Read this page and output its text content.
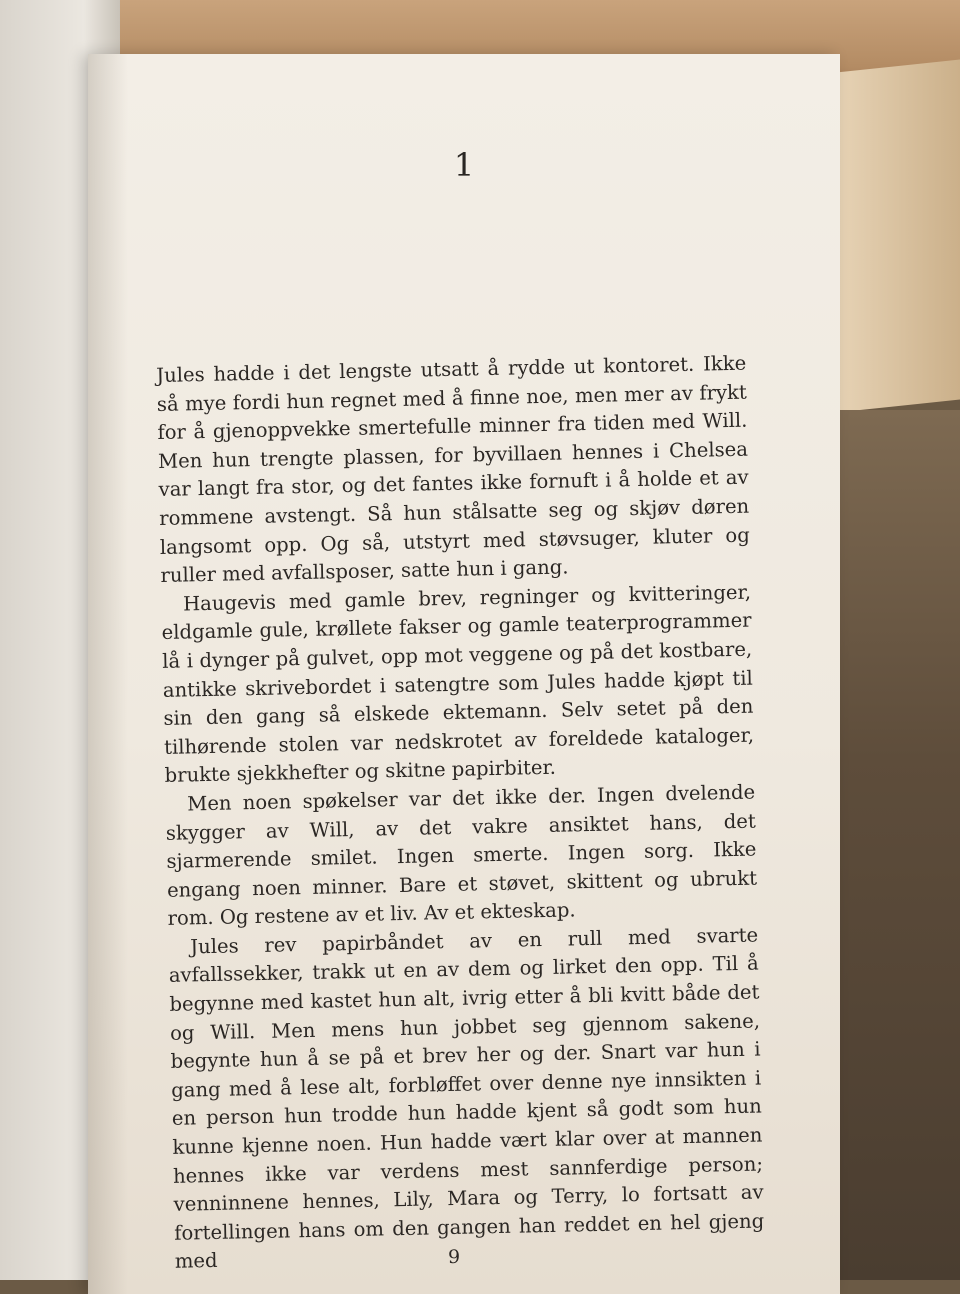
1

Jules hadde i det lengste utsatt å rydde ut kontoret. Ikke så mye fordi hun regnet med å finne noe, men mer av frykt for å gjenoppvekke smertefulle minner fra tiden med Will. Men hun trengte plassen, for byvillaen hennes i Chelsea var langt fra stor, og det fantes ikke fornuft i å holde et av rommene avstengt. Så hun stålsatte seg og skjøv døren langsomt opp. Og så, utstyrt med støvsuger, kluter og ruller med avfallsposer, satte hun i gang.

Haugevis med gamle brev, regninger og kvitteringer, eldgamle gule, krøllete fakser og gamle teaterprogrammer lå i dynger på gulvet, opp mot veggene og på det kostbare, antikke skrivebordet i satengtre som Jules hadde kjøpt til sin den gang så elskede ektemann. Selv setet på den tilhørende stolen var nedskrotet av foreldede kataloger, brukte sjekkhefter og skitne papirbiter.

Men noen spøkelser var det ikke der. Ingen dvelende skygger av Will, av det vakre ansiktet hans, det sjarmerende smilet. Ingen smerte. Ingen sorg. Ikke engang noen minner. Bare et støvet, skittent og ubrukt rom. Og restene av et liv. Av et ekteskap.

Jules rev papirbåndet av en rull med svarte avfallssekker, trakk ut en av dem og lirket den opp. Til å begynne med kastet hun alt, ivrig etter å bli kvitt både det og Will. Men mens hun jobbet seg gjennom sakene, begynte hun å se på et brev her og der. Snart var hun i gang med å lese alt, forbløffet over denne nye innsikten i en person hun trodde hun hadde kjent så godt som hun kunne kjenne noen. Hun hadde vært klar over at mannen hennes ikke var verdens mest sannferdige person; venninnene hennes, Lily, Mara og Terry, lo fortsatt av fortellingen hans om den gangen han reddet en hel gjeng med	9
